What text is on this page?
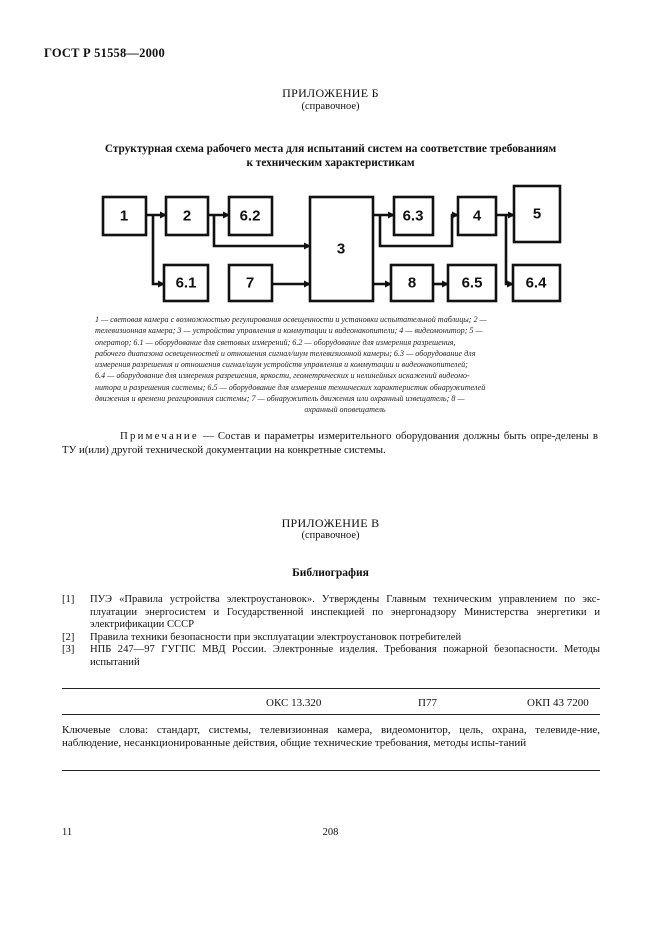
ГОСТ Р 51558—2000
ПРИЛОЖЕНИЕ Б
(справочное)
Структурная схема рабочего места для испытаний систем на соответствие требованиям
к техническим характеристикам
1	2	6.2
3
6.3	4	5
6.1	7	8	6.5	6.4
1 — световая камера с возможностью регулирования освещенности и установки испытательной таблицы; 2 —
телевизионная камера; 3 — устройства управления и коммутации и видеонакопители; 4 — видеомонитор; 5 —
оператор; 6.1 — оборудование для световых измерений; 6.2 — оборудование для измерения разрешения,
рабочего диапазона освещенностей и отношения сигнал/шум телевизионной камеры; 6.3 — оборудование для
измерения разрешения и отношения сигнал/шум устройств управления и коммутации и видеонакопителей;
6.4 — оборудование для измерения разрешения, яркости, геометрических и нелинейных искажений видеомо-
нитора и разрешения системы; 6.5 — оборудование для измерения технических характеристик обнаружителей
движения и времени реагирования системы; 7 — обнаружитель движения или охранный извещатель; 8 —
охранный оповещатель
Примечание — Состав и параметры измерительного оборудования должны быть опре-делены в ТУ и(или) другой технической документации на конкретные системы.
ПРИЛОЖЕНИЕ В
(справочное)
Библиография
[1]	ПУЭ «Правила устройства электроустановок». Утверждены Главным техническим управлением по экс-плуатации энергосистем и Государственной инспекцией по энергонадзору Министерства энергетики и электрификации СССР
[2]	Правила техники безопасности при эксплуатации электроустановок потребителей
[3]	НПБ 247—97 ГУГПС МВД России. Электронные изделия. Требования пожарной безопасности. Методы испытаний
ОКС 13.320	П77	ОКП 43 7200
Ключевые слова: стандарт, системы, телевизионная камера, видеомонитор, цель, охрана, телевиде-ние, наблюдение, несанкционированные действия, общие технические требования, методы испы-таний
11	208
